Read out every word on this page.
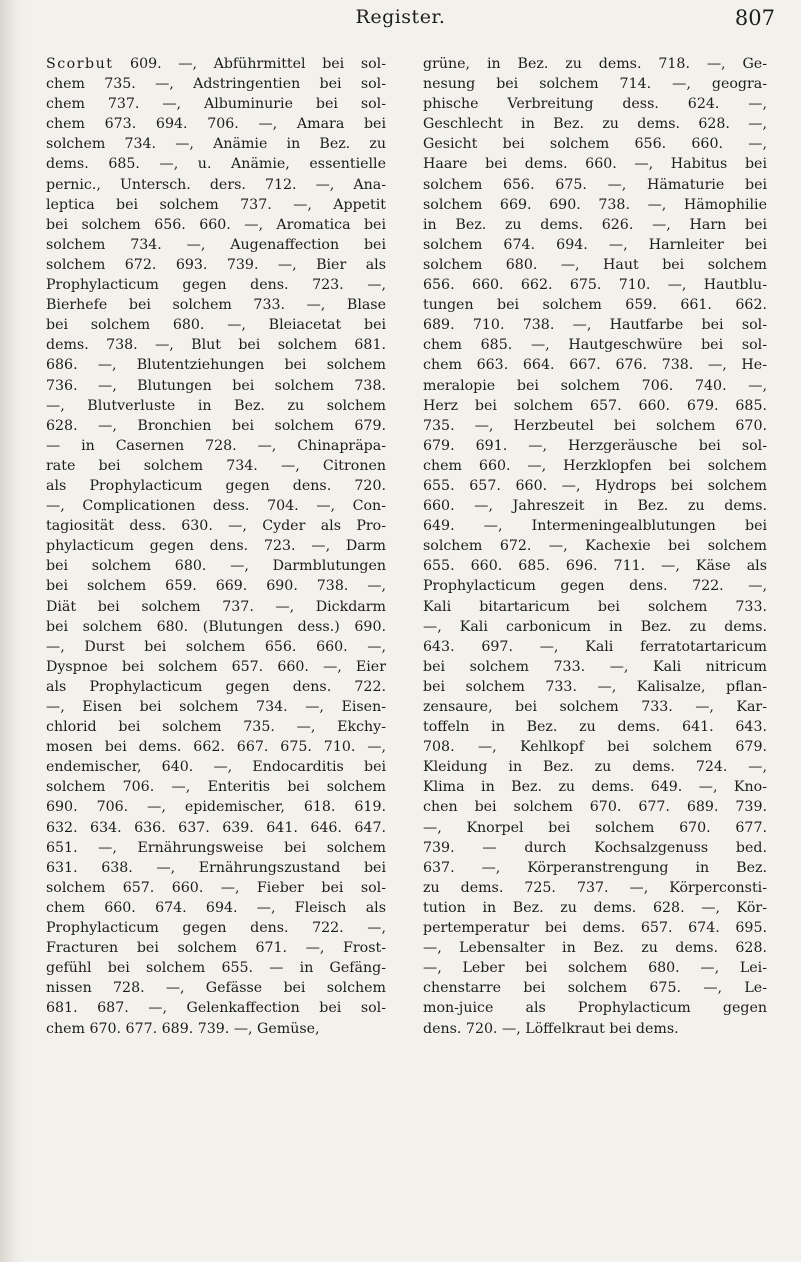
Register.	807
Scorbut 609. —, Abführmittel bei sol-
chem 735. —, Adstringentien bei sol-
chem 737. —, Albuminurie bei sol-
chem 673. 694. 706. —, Amara bei
solchem 734. —, Anämie in Bez. zu
dems. 685. —, u. Anämie, essentielle
pernic., Untersch. ders. 712. —, Ana-
leptica bei solchem 737. —, Appetit
bei solchem 656. 660. —, Aromatica bei
solchem 734. —, Augenaffection bei
solchem 672. 693. 739. —, Bier als
Prophylacticum gegen dens. 723. —,
Bierhefe bei solchem 733. —, Blase
bei solchem 680. —, Bleiacetat bei
dems. 738. —, Blut bei solchem 681.
686. —, Blutentziehungen bei solchem
736. —, Blutungen bei solchem 738.
—, Blutverluste in Bez. zu solchem
628. —, Bronchien bei solchem 679.
— in Casernen 728. —, Chinapräpa-
rate bei solchem 734. —, Citronen
als Prophylacticum gegen dens. 720.
—, Complicationen dess. 704. —, Con-
tagiosität dess. 630. —, Cyder als Pro-
phylacticum gegen dens. 723. —, Darm
bei solchem 680. —, Darmblutungen
bei solchem 659. 669. 690. 738. —,
Diät bei solchem 737. —, Dickdarm
bei solchem 680. (Blutungen dess.) 690.
—, Durst bei solchem 656. 660. —,
Dyspnoe bei solchem 657. 660. —, Eier
als Prophylacticum gegen dens. 722.
—, Eisen bei solchem 734. —, Eisen-
chlorid bei solchem 735. —, Ekchy-
mosen bei dems. 662. 667. 675. 710. —,
endemischer, 640. —, Endocarditis bei
solchem 706. —, Enteritis bei solchem
690. 706. —, epidemischer, 618. 619.
632. 634. 636. 637. 639. 641. 646. 647.
651. —, Ernährungsweise bei solchem
631. 638. —, Ernährungszustand bei
solchem 657. 660. —, Fieber bei sol-
chem 660. 674. 694. —, Fleisch als
Prophylacticum gegen dens. 722. —,
Fracturen bei solchem 671. —, Frost-
gefühl bei solchem 655. — in Gefäng-
nissen 728. —, Gefässe bei solchem
681. 687. —, Gelenkaffection bei sol-
chem 670. 677. 689. 739. —, Gemüse,
grüne, in Bez. zu dems. 718. —, Ge-
nesung bei solchem 714. —, geogra-
phische Verbreitung dess. 624. —,
Geschlecht in Bez. zu dems. 628. —,
Gesicht bei solchem 656. 660. —,
Haare bei dems. 660. —, Habitus bei
solchem 656. 675. —, Hämaturie bei
solchem 669. 690. 738. —, Hämophilie
in Bez. zu dems. 626. —, Harn bei
solchem 674. 694. —, Harnleiter bei
solchem 680. —, Haut bei solchem
656. 660. 662. 675. 710. —, Hautblu-
tungen bei solchem 659. 661. 662.
689. 710. 738. —, Hautfarbe bei sol-
chem 685. —, Hautgeschwüre bei sol-
chem 663. 664. 667. 676. 738. —, He-
meralopie bei solchem 706. 740. —,
Herz bei solchem 657. 660. 679. 685.
735. —, Herzbeutel bei solchem 670.
679. 691. —, Herzgeräusche bei sol-
chem 660. —, Herzklopfen bei solchem
655. 657. 660. —, Hydrops bei solchem
660. —, Jahreszeit in Bez. zu dems.
649. —, Intermeningealblutungen bei
solchem 672. —, Kachexie bei solchem
655. 660. 685. 696. 711. —, Käse als
Prophylacticum gegen dens. 722. —,
Kali bitartaricum bei solchem 733.
—, Kali carbonicum in Bez. zu dems.
643. 697. —, Kali ferratotartaricum
bei solchem 733. —, Kali nitricum
bei solchem 733. —, Kalisalze, pflan-
zensaure, bei solchem 733. —, Kar-
toffeln in Bez. zu dems. 641. 643.
708. —, Kehlkopf bei solchem 679.
Kleidung in Bez. zu dems. 724. —,
Klima in Bez. zu dems. 649. —, Kno-
chen bei solchem 670. 677. 689. 739.
—, Knorpel bei solchem 670. 677.
739. — durch Kochsalzgenuss bed.
637. —, Körperanstrengung in Bez.
zu dems. 725. 737. —, Körperconsti-
tution in Bez. zu dems. 628. —, Kör-
pertemperatur bei dems. 657. 674. 695.
—, Lebensalter in Bez. zu dems. 628.
—, Leber bei solchem 680. —, Lei-
chenstarre bei solchem 675. —, Le-
mon-juice als Prophylacticum gegen
dens. 720. —, Löffelkraut bei dems.
